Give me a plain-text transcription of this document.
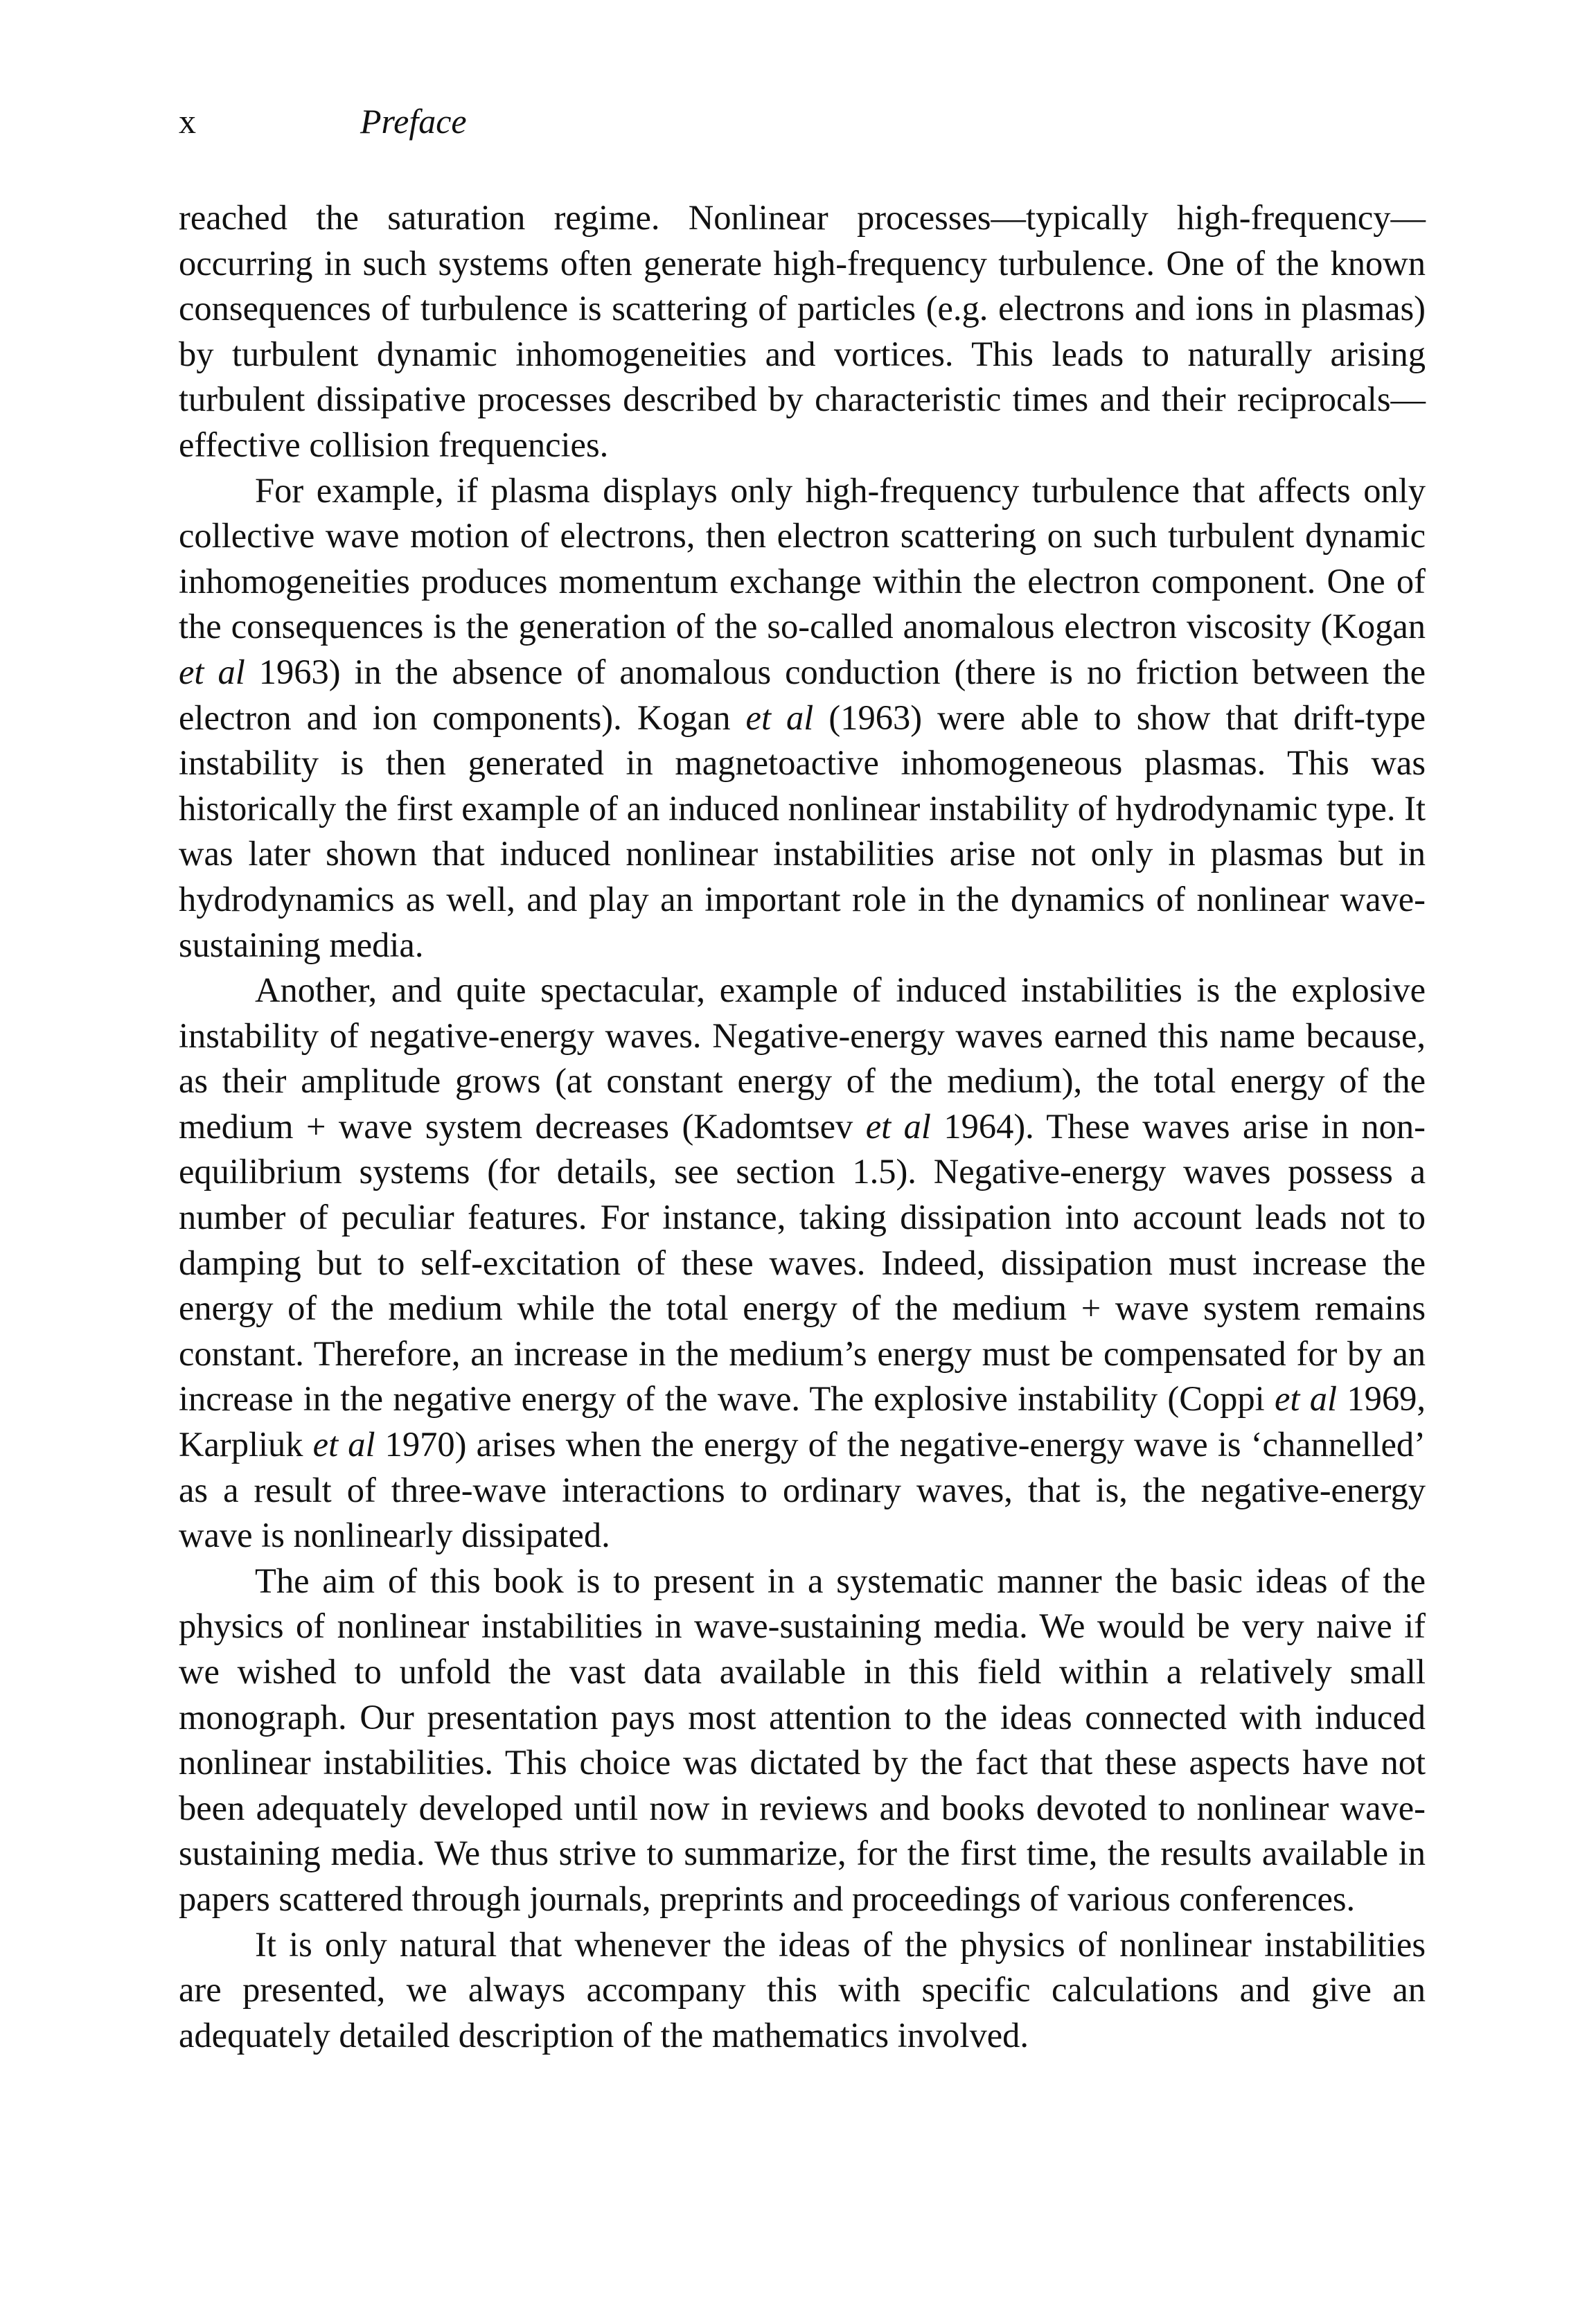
x	Preface

reached the saturation regime. Nonlinear processes—typically high-frequency—occurring in such systems often generate high-frequency turbulence. One of the known consequences of turbulence is scattering of particles (e.g. electrons and ions in plasmas) by turbulent dynamic inhomogeneities and vortices. This leads to naturally arising turbulent dissipative processes described by characteristic times and their reciprocals—effective collision frequencies.

For example, if plasma displays only high-frequency turbulence that affects only collective wave motion of electrons, then electron scattering on such turbulent dynamic inhomogeneities produces momentum exchange within the electron component. One of the consequences is the generation of the so-called anomalous electron viscosity (Kogan et al 1963) in the absence of anomalous conduction (there is no friction between the electron and ion components). Kogan et al (1963) were able to show that drift-type instability is then generated in magnetoactive inhomogeneous plasmas. This was historically the first example of an induced nonlinear instability of hydrodynamic type. It was later shown that induced nonlinear instabilities arise not only in plasmas but in hydrodynamics as well, and play an important role in the dynamics of nonlinear wave-sustaining media.

Another, and quite spectacular, example of induced instabilities is the explosive instability of negative-energy waves. Negative-energy waves earned this name because, as their amplitude grows (at constant energy of the medium), the total energy of the medium + wave system decreases (Kadomtsev et al 1964). These waves arise in non-equilibrium systems (for details, see section 1.5). Negative-energy waves possess a number of peculiar features. For instance, taking dissipation into account leads not to damping but to self-excitation of these waves. Indeed, dissipation must increase the energy of the medium while the total energy of the medium + wave system remains constant. Therefore, an increase in the medium’s energy must be compensated for by an increase in the negative energy of the wave. The explosive instability (Coppi et al 1969, Karpliuk et al 1970) arises when the energy of the negative-energy wave is ‘channelled’ as a result of three-wave interactions to ordinary waves, that is, the negative-energy wave is nonlinearly dissipated.

The aim of this book is to present in a systematic manner the basic ideas of the physics of nonlinear instabilities in wave-sustaining media. We would be very naive if we wished to unfold the vast data available in this field within a relatively small monograph. Our presentation pays most attention to the ideas connected with induced nonlinear instabilities. This choice was dictated by the fact that these aspects have not been adequately developed until now in reviews and books devoted to nonlinear wave-sustaining media. We thus strive to summarize, for the first time, the results available in papers scattered through journals, preprints and proceedings of various conferences.

It is only natural that whenever the ideas of the physics of nonlinear instabilities are presented, we always accompany this with specific calculations and give an adequately detailed description of the mathematics involved.
